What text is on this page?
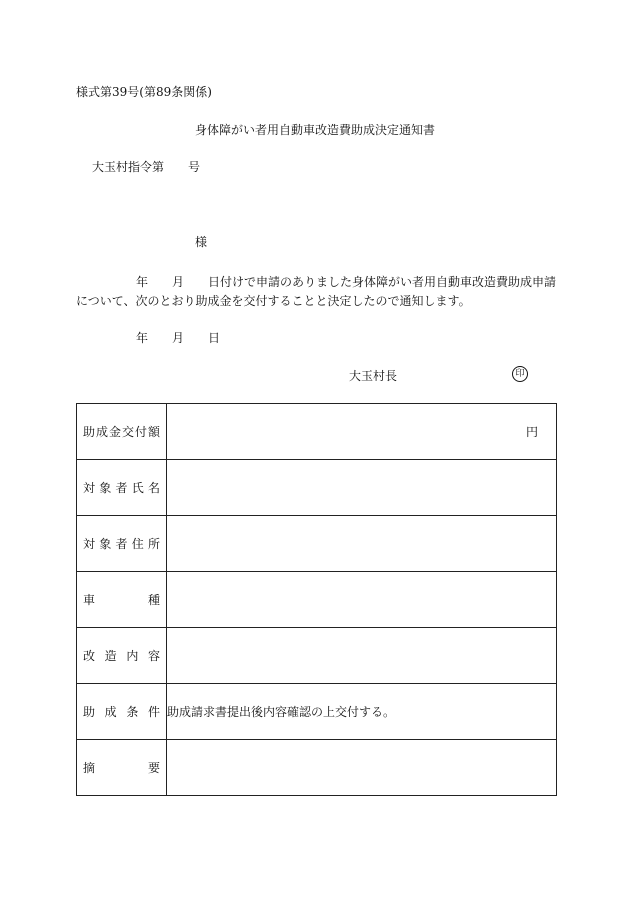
様式第39号(第89条関係)
身体障がい者用自動車改造費助成決定通知書
大玉村指令第 号
様
年 月 日付けで申請のありました身体障がい者用自動車改造費助成申請
について、次のとおり助成金を交付することと決定したので通知します。
年 月 日
大玉村長	印
助成金交付額	円

対象者氏名	

対象者住所	

車種	

改造内容	

助成条件	助成請求書提出後内容確認の上交付する。

摘要	
